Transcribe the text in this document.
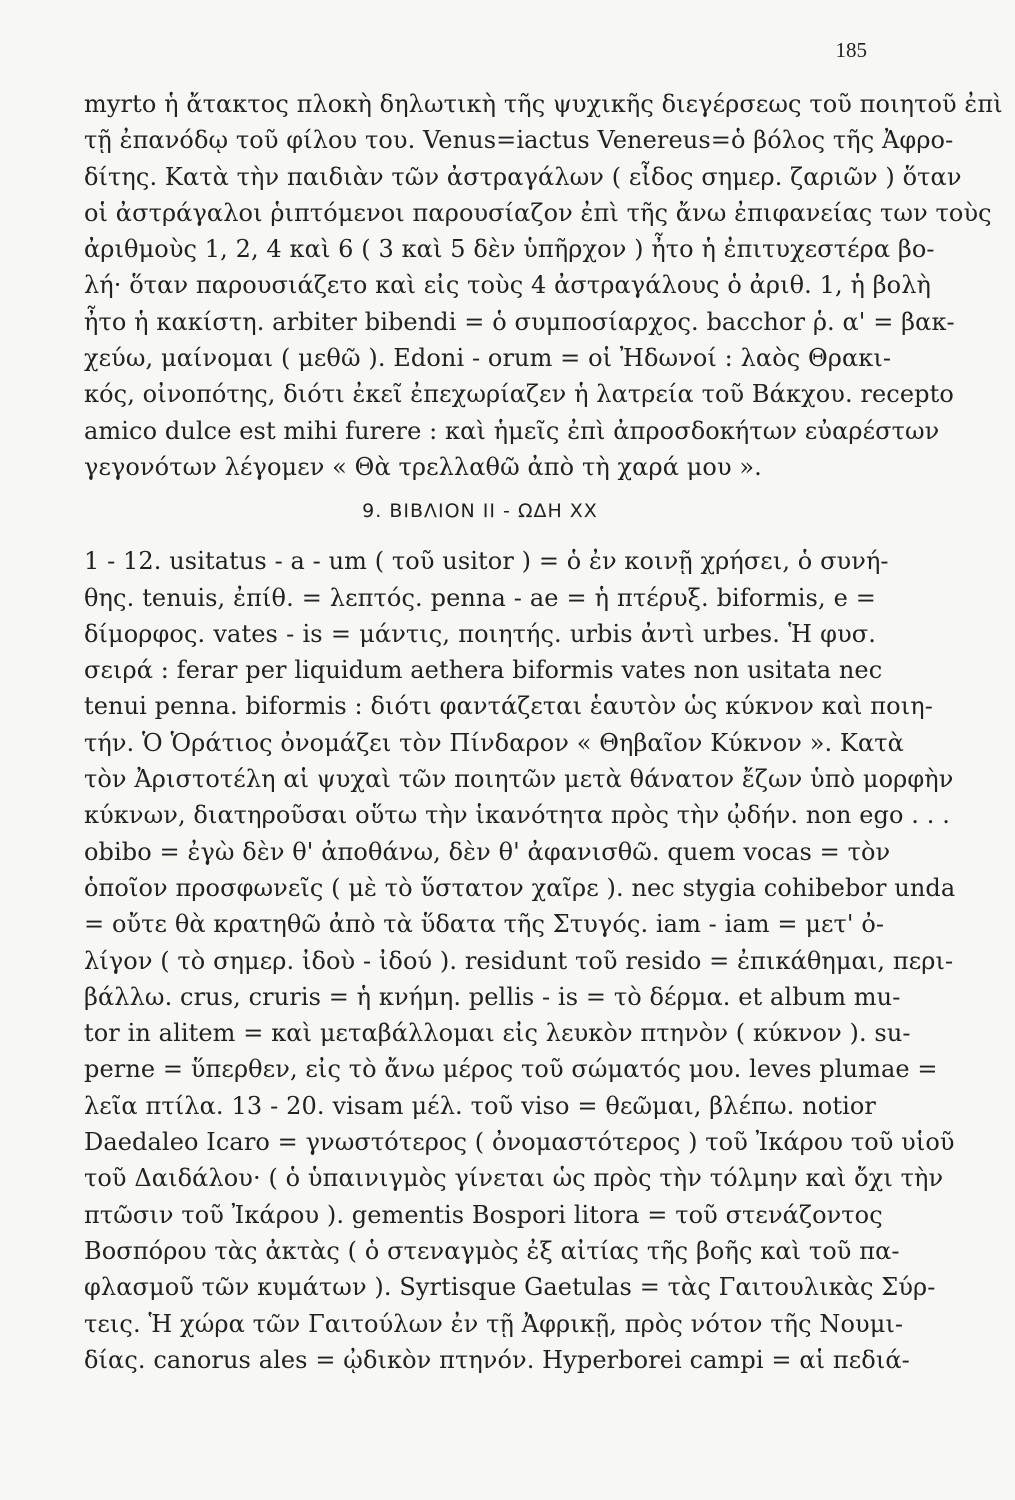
185
myrto ἡ ἄτακτος πλοκὴ δηλωτικὴ τῆς ψυχικῆς διεγέρσεως τοῦ ποιητοῦ ἐπὶ
τῇ ἐπανόδῳ τοῦ φίλου του. Venus=iactus Venereus=ὁ βόλος τῆς Ἀφρο-
δίτης. Κατὰ τὴν παιδιὰν τῶν ἀστραγάλων ( εἶδος σημερ. ζαριῶν ) ὅταν
οἱ ἀστράγαλοι ῥιπτόμενοι παρουσίαζον ἐπὶ τῆς ἄνω ἐπιφανείας των τοὺς
ἀριθμοὺς 1, 2, 4 καὶ 6 ( 3 καὶ 5 δὲν ὑπῆρχον ) ἦτο ἡ ἐπιτυχεστέρα βο-
λή· ὅταν παρουσιάζετο καὶ εἰς τοὺς 4 ἀστραγάλους ὁ ἀριθ. 1, ἡ βολὴ
ἦτο ἡ κακίστη. arbiter bibendi = ὁ συμποσίαρχος. bacchor ῥ. α' = βακ-
χεύω, μαίνομαι ( μεθῶ ). Edoni - orum = οἱ Ἠδωνοί : λαὸς Θρακι-
κός, οἰνοπότης, διότι ἐκεῖ ἐπεχωρίαζεν ἡ λατρεία τοῦ Βάκχου. recepto
amico dulce est mihi furere : καὶ ἡμεῖς ἐπὶ ἀπροσδοκήτων εὐαρέστων
γεγονότων λέγομεν « Θὰ τρελλαθῶ ἀπὸ τὴ χαρά μου ».
9. ΒΙΒΛΙΟΝ ΙΙ - ΩΔΗ ΧΧ
1 - 12. usitatus - a - um ( τοῦ usitor ) = ὁ ἐν κοινῇ χρήσει, ὁ συνή-
θης. tenuis, ἐπίθ. = λεπτός. penna - ae = ἡ πτέρυξ. biformis, e =
δίμορφος. vates - is = μάντις, ποιητής. urbis ἀντὶ urbes. Ἡ φυσ.
σειρά : ferar per liquidum aethera biformis vates non usitata nec
tenui penna. biformis : διότι φαντάζεται ἑαυτὸν ὡς κύκνον καὶ ποιη-
τήν. Ὁ Ὁράτιος ὀνομάζει τὸν Πίνδαρον « Θηβαῖον Κύκνον ». Κατὰ
τὸν Ἀριστοτέλη αἱ ψυχαὶ τῶν ποιητῶν μετὰ θάνατον ἔζων ὑπὸ μορφὴν
κύκνων, διατηροῦσαι οὕτω τὴν ἱκανότητα πρὸς τὴν ᾠδήν. non ego . . .
obibo = ἐγὼ δὲν θ' ἀποθάνω, δὲν θ' ἀφανισθῶ. quem vocas = τὸν
ὁποῖον προσφωνεῖς ( μὲ τὸ ὕστατον χαῖρε ). nec stygia cohibebor unda
= οὔτε θὰ κρατηθῶ ἀπὸ τὰ ὕδατα τῆς Στυγός. iam - iam = μετ' ὀ-
λίγον ( τὸ σημερ. ἰδοὺ - ἰδού ). residunt τοῦ resido = ἐπικάθημαι, περι-
βάλλω. crus, cruris = ἡ κνήμη. pellis - is = τὸ δέρμα. et album mu-
tor in alitem = καὶ μεταβάλλομαι εἰς λευκὸν πτηνὸν ( κύκνον ). su-
perne = ὕπερθεν, εἰς τὸ ἄνω μέρος τοῦ σώματός μου. leves plumae =
λεῖα πτίλα. 13 - 20. visam μέλ. τοῦ viso = θεῶμαι, βλέπω. notior
Daedaleo Icaro = γνωστότερος ( ὀνομαστότερος ) τοῦ Ἰκάρου τοῦ υἱοῦ
τοῦ Δαιδάλου· ( ὁ ὑπαινιγμὸς γίνεται ὡς πρὸς τὴν τόλμην καὶ ὄχι τὴν
πτῶσιν τοῦ Ἰκάρου ). gementis Bospori litora = τοῦ στενάζοντος
Βοσπόρου τὰς ἀκτὰς ( ὁ στεναγμὸς ἐξ αἰτίας τῆς βοῆς καὶ τοῦ πα-
φλασμοῦ τῶν κυμάτων ). Syrtisque Gaetulas = τὰς Γαιτουλικὰς Σύρ-
τεις. Ἡ χώρα τῶν Γαιτούλων ἐν τῇ Ἀφρικῇ, πρὸς νότον τῆς Νουμι-
δίας. canorus ales = ᾠδικὸν πτηνόν. Hyperborei campi = αἱ πεδιά-
